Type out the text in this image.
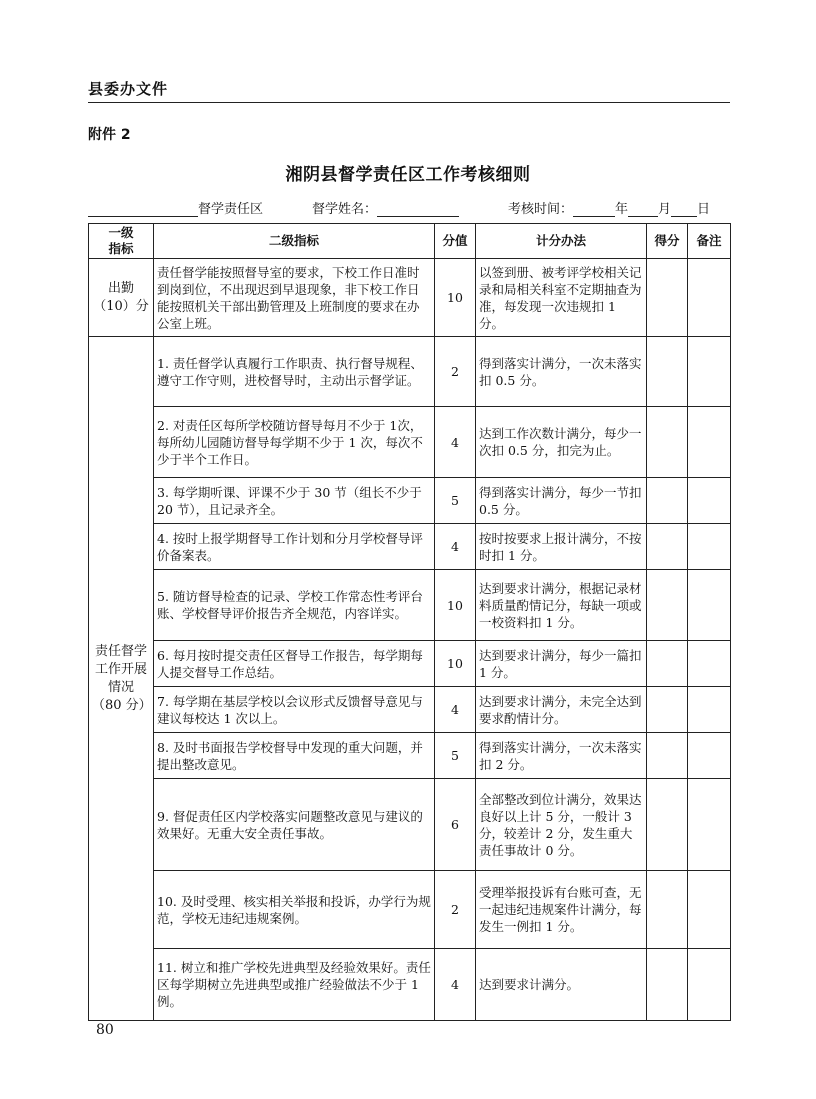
县委办文件
附件 2
湘阴县督学责任区工作考核细则
督学责任区	督学姓名：	考核时间：	年 月 日
一级
指标	二级指标	分值	计分办法	得分	备注
出勤
（10）分	责任督学能按照督导室的要求，下校工作日准时到岗到位，不出现迟到早退现象，非下校工作日能按照机关干部出勤管理及上班制度的要求在办公室上班。	10	以签到册、被考评学校相关记录和局相关科室不定期抽查为准，每发现一次违规扣 1 分。		
责任督学
工作开展
情况
（80 分）	1. 责任督学认真履行工作职责、执行督导规程、遵守工作守则，进校督导时，主动出示督学证。	2	得到落实计满分，一次未落实扣 0.5 分。		
	2. 对责任区每所学校随访督导每月不少于 1次，每所幼儿园随访督导每学期不少于 1 次，每次不少于半个工作日。	4	达到工作次数计满分，每少一次扣 0.5 分，扣完为止。		
	3. 每学期听课、评课不少于 30 节（组长不少于 20 节），且记录齐全。	5	得到落实计满分，每少一节扣 0.5 分。		
	4. 按时上报学期督导工作计划和分月学校督导评价备案表。	4	按时按要求上报计满分，不按时扣 1 分。		
	5. 随访督导检查的记录、学校工作常态性考评台账、学校督导评价报告齐全规范，内容详实。	10	达到要求计满分，根据记录材料质量酌情记分，每缺一项或一校资料扣 1 分。		
	6. 每月按时提交责任区督导工作报告，每学期每人提交督导工作总结。	10	达到要求计满分，每少一篇扣 1 分。		
	7. 每学期在基层学校以会议形式反馈督导意见与建议每校达 1 次以上。	4	达到要求计满分，未完全达到要求酌情计分。		
	8. 及时书面报告学校督导中发现的重大问题，并提出整改意见。	5	得到落实计满分，一次未落实扣 2 分。		
	9. 督促责任区内学校落实问题整改意见与建议的效果好。无重大安全责任事故。	6	全部整改到位计满分，效果达良好以上计 5 分，一般计 3 分，较差计 2 分，发生重大责任事故计 0 分。		
	10. 及时受理、核实相关举报和投诉，办学行为规范，学校无违纪违规案例。	2	受理举报投诉有台账可查，无一起违纪违规案件计满分，每发生一例扣 1 分。		
	11. 树立和推广学校先进典型及经验效果好。责任区每学期树立先进典型或推广经验做法不少于 1 例。	4	达到要求计满分。		
80
